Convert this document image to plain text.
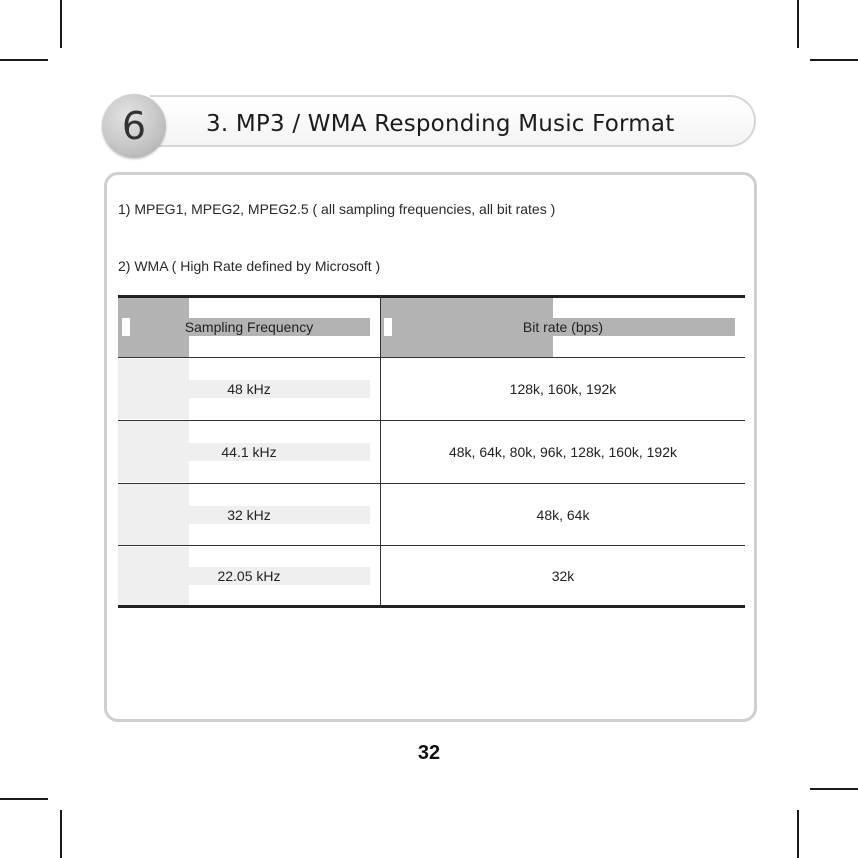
6	3. MP3 / WMA Responding Music Format
1) MPEG1, MPEG2, MPEG2.5 ( all sampling frequencies, all bit rates )
2) WMA ( High Rate defined by Microsoft )
Sampling Frequency	Bit rate (bps)
48 kHz	128k, 160k, 192k
44.1 kHz	48k, 64k, 80k, 96k, 128k, 160k, 192k
32 kHz	48k, 64k
22.05 kHz	32k
32
